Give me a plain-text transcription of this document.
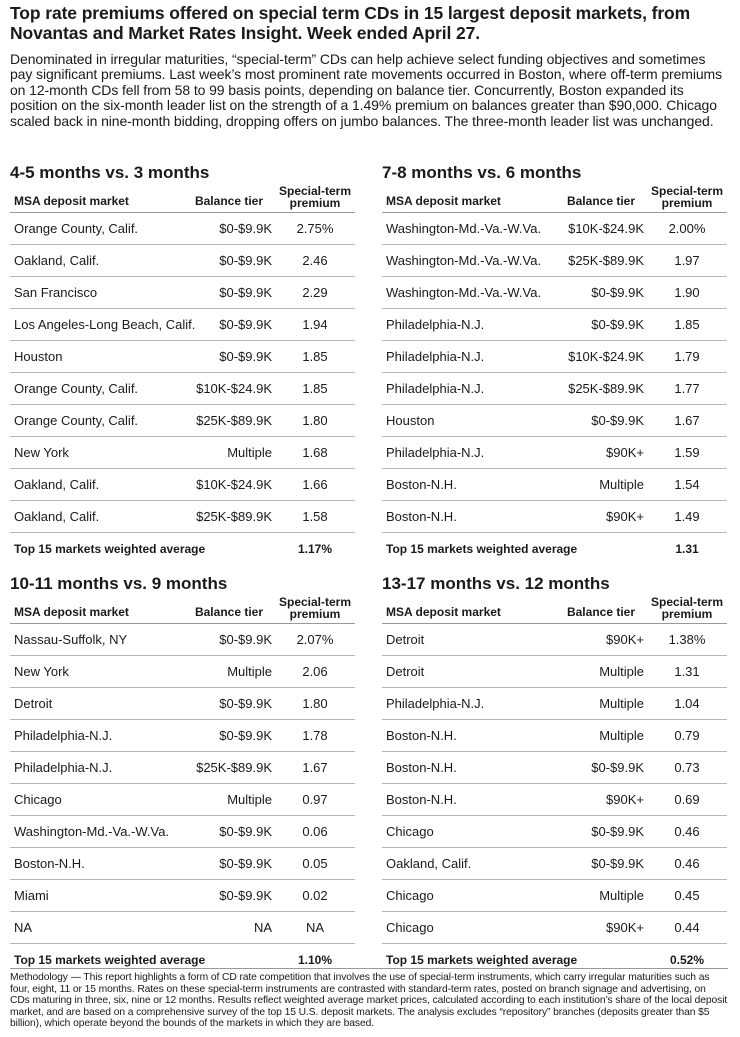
Top rate premiums offered on special term CDs in 15 largest deposit markets, from Novantas and Market Rates Insight. Week ended April 27.

Denominated in irregular maturities, “special-term” CDs can help achieve select funding objectives and sometimes pay significant premiums. Last week’s most prominent rate movements occurred in Boston, where off-term premiums on 12-month CDs fell from 58 to 99 basis points, depending on balance tier. Concurrently, Boston expanded its position on the six-month leader list on the strength of a 1.49% premium on balances greater than $90,000. Chicago scaled back in nine-month bidding, dropping offers on jumbo balances. The three-month leader list was unchanged.

4-5 months vs. 3 months
MSA deposit market	Balance tier
Special-term
premium
Orange County, Calif.	$0-$9.9K	2.75%
Oakland, Calif.	$0-$9.9K	2.46
San Francisco	$0-$9.9K	2.29
Los Angeles-Long Beach, Calif.	$0-$9.9K	1.94
Houston	$0-$9.9K	1.85
Orange County, Calif.	$10K-$24.9K	1.85
Orange County, Calif.	$25K-$89.9K	1.80
New York	Multiple	1.68
Oakland, Calif.	$10K-$24.9K	1.66
Oakland, Calif.	$25K-$89.9K	1.58
Top 15 markets weighted average	1.17%
7-8 months vs. 6 months
MSA deposit market	Balance tier
Special-term
premium
Washington-Md.-Va.-W.Va.	$10K-$24.9K	2.00%
Washington-Md.-Va.-W.Va.	$25K-$89.9K	1.97
Washington-Md.-Va.-W.Va.	$0-$9.9K	1.90
Philadelphia-N.J.	$0-$9.9K	1.85
Philadelphia-N.J.	$10K-$24.9K	1.79
Philadelphia-N.J.	$25K-$89.9K	1.77
Houston	$0-$9.9K	1.67
Philadelphia-N.J.	$90K+	1.59
Boston-N.H.	Multiple	1.54
Boston-N.H.	$90K+	1.49
Top 15 markets weighted average	1.31
10-11 months vs. 9 months
MSA deposit market	Balance tier
Special-term
premium
Nassau-Suffolk, NY	$0-$9.9K	2.07%
New York	Multiple	2.06
Detroit	$0-$9.9K	1.80
Philadelphia-N.J.	$0-$9.9K	1.78
Philadelphia-N.J.	$25K-$89.9K	1.67
Chicago	Multiple	0.97
Washington-Md.-Va.-W.Va.	$0-$9.9K	0.06
Boston-N.H.	$0-$9.9K	0.05
Miami	$0-$9.9K	0.02
NA	NA	NA
Top 15 markets weighted average	1.10%
13-17 months vs. 12 months
MSA deposit market	Balance tier
Special-term
premium
Detroit	$90K+	1.38%
Detroit	Multiple	1.31
Philadelphia-N.J.	Multiple	1.04
Boston-N.H.	Multiple	0.79
Boston-N.H.	$0-$9.9K	0.73
Boston-N.H.	$90K+	0.69
Chicago	$0-$9.9K	0.46
Oakland, Calif.	$0-$9.9K	0.46
Chicago	Multiple	0.45
Chicago	$90K+	0.44
Top 15 markets weighted average	0.52%
Methodology — This report highlights a form of CD rate competition that involves the use of special-term instruments, which carry irregular maturities such as four, eight, 11 or 15 months. Rates on these special-term instruments are contrasted with standard-term rates, posted on branch signage and advertising, on CDs maturing in three, six, nine or 12 months. Results reflect weighted average market prices, calculated according to each institution’s share of the local deposit market, and are based on a comprehensive survey of the top 15 U.S. deposit markets. The analysis excludes “repository” branches (deposits greater than $5 billion), which operate beyond the bounds of the markets in which they are based.
